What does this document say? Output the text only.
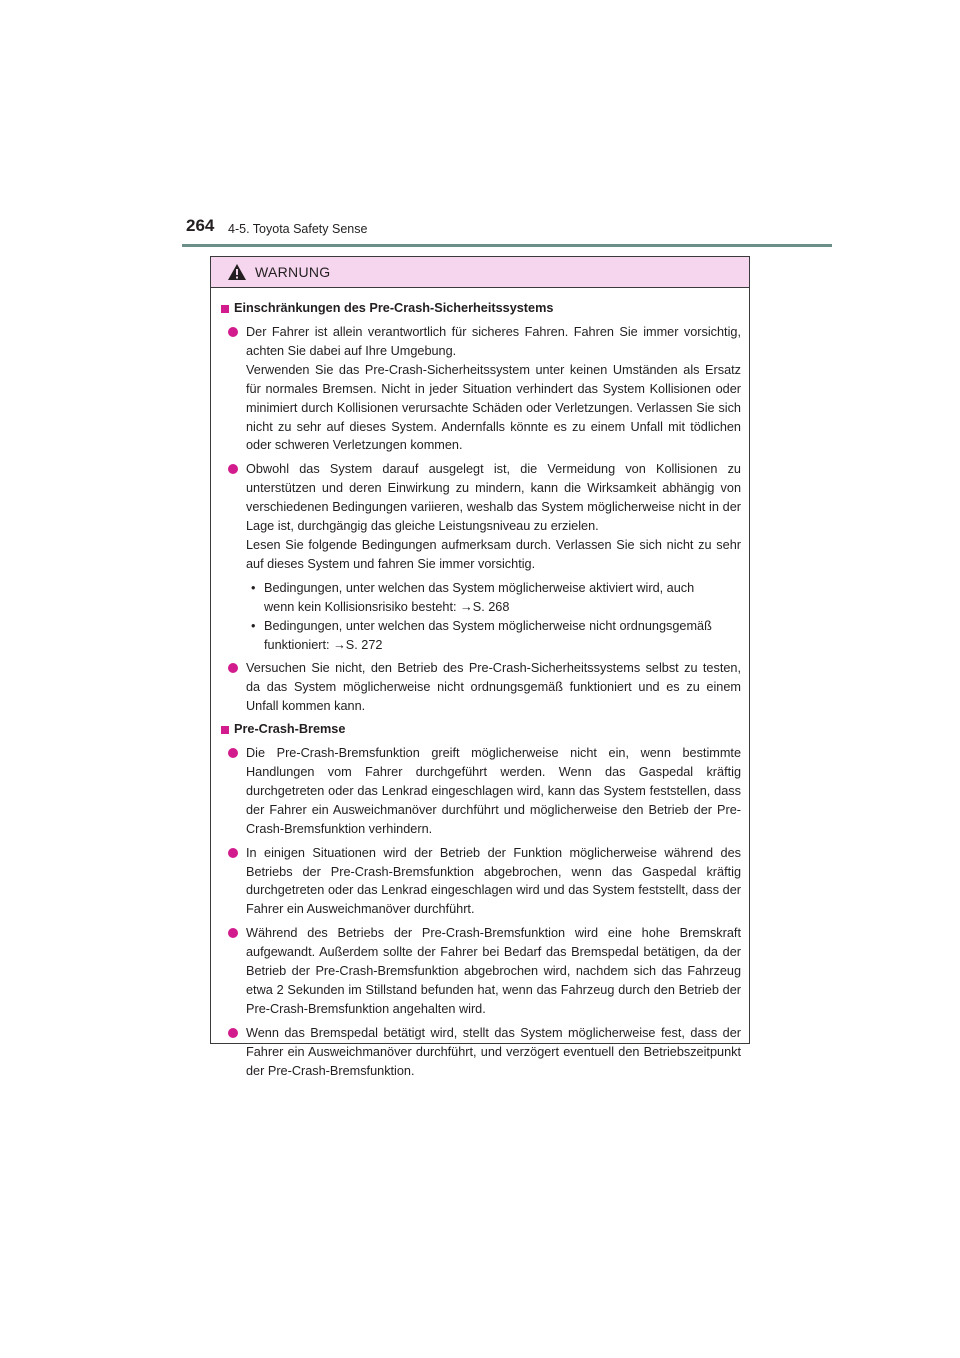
264 4-5. Toyota Safety Sense
WARNUNG
Einschränkungen des Pre-Crash-Sicherheitssystems

Der Fahrer ist allein verantwortlich für sicheres Fahren. Fahren Sie immer vorsichtig, achten Sie dabei auf Ihre Umgebung.

Verwenden Sie das Pre-Crash-Sicherheitssystem unter keinen Umständen als Ersatz für normales Bremsen. Nicht in jeder Situation verhindert das System Kollisionen oder minimiert durch Kollisionen verursachte Schäden oder Verletzungen. Verlassen Sie sich nicht zu sehr auf dieses System. Andernfalls könnte es zu einem Unfall mit tödlichen oder schweren Verletzungen kommen.

Obwohl das System darauf ausgelegt ist, die Vermeidung von Kollisionen zu unterstützen und deren Einwirkung zu mindern, kann die Wirksamkeit abhängig von verschiedenen Bedingungen variieren, weshalb das System möglicherweise nicht in der Lage ist, durchgängig das gleiche Leistungsniveau zu erzielen.

Lesen Sie folgende Bedingungen aufmerksam durch. Verlassen Sie sich nicht zu sehr auf dieses System und fahren Sie immer vorsichtig.

• Bedingungen, unter welchen das System möglicherweise aktiviert wird, auch

wenn kein Kollisionsrisiko besteht: →S. 268

• Bedingungen, unter welchen das System möglicherweise nicht ordnungsgemäß

funktioniert: →S. 272

Versuchen Sie nicht, den Betrieb des Pre-Crash-Sicherheitssystems selbst zu testen, da das System möglicherweise nicht ordnungsgemäß funktioniert und es zu einem Unfall kommen kann.

Pre-Crash-Bremse

Die Pre-Crash-Bremsfunktion greift möglicherweise nicht ein, wenn bestimmte Handlungen vom Fahrer durchgeführt werden. Wenn das Gaspedal kräftig durchgetreten oder das Lenkrad eingeschlagen wird, kann das System feststellen, dass der Fahrer ein Ausweichmanöver durchführt und möglicherweise den Betrieb der Pre-Crash-Bremsfunktion verhindern.

In einigen Situationen wird der Betrieb der Funktion möglicherweise während des Betriebs der Pre-Crash-Bremsfunktion abgebrochen, wenn das Gaspedal kräftig durchgetreten oder das Lenkrad eingeschlagen wird und das System feststellt, dass der Fahrer ein Ausweichmanöver durchführt.

Während des Betriebs der Pre-Crash-Bremsfunktion wird eine hohe Bremskraft aufgewandt. Außerdem sollte der Fahrer bei Bedarf das Bremspedal betätigen, da der Betrieb der Pre-Crash-Bremsfunktion abgebrochen wird, nachdem sich das Fahrzeug etwa 2 Sekunden im Stillstand befunden hat, wenn das Fahrzeug durch den Betrieb der Pre-Crash-Bremsfunktion angehalten wird.

Wenn das Bremspedal betätigt wird, stellt das System möglicherweise fest, dass der Fahrer ein Ausweichmanöver durchführt, und verzögert eventuell den Betriebszeitpunkt der Pre-Crash-Bremsfunktion.
